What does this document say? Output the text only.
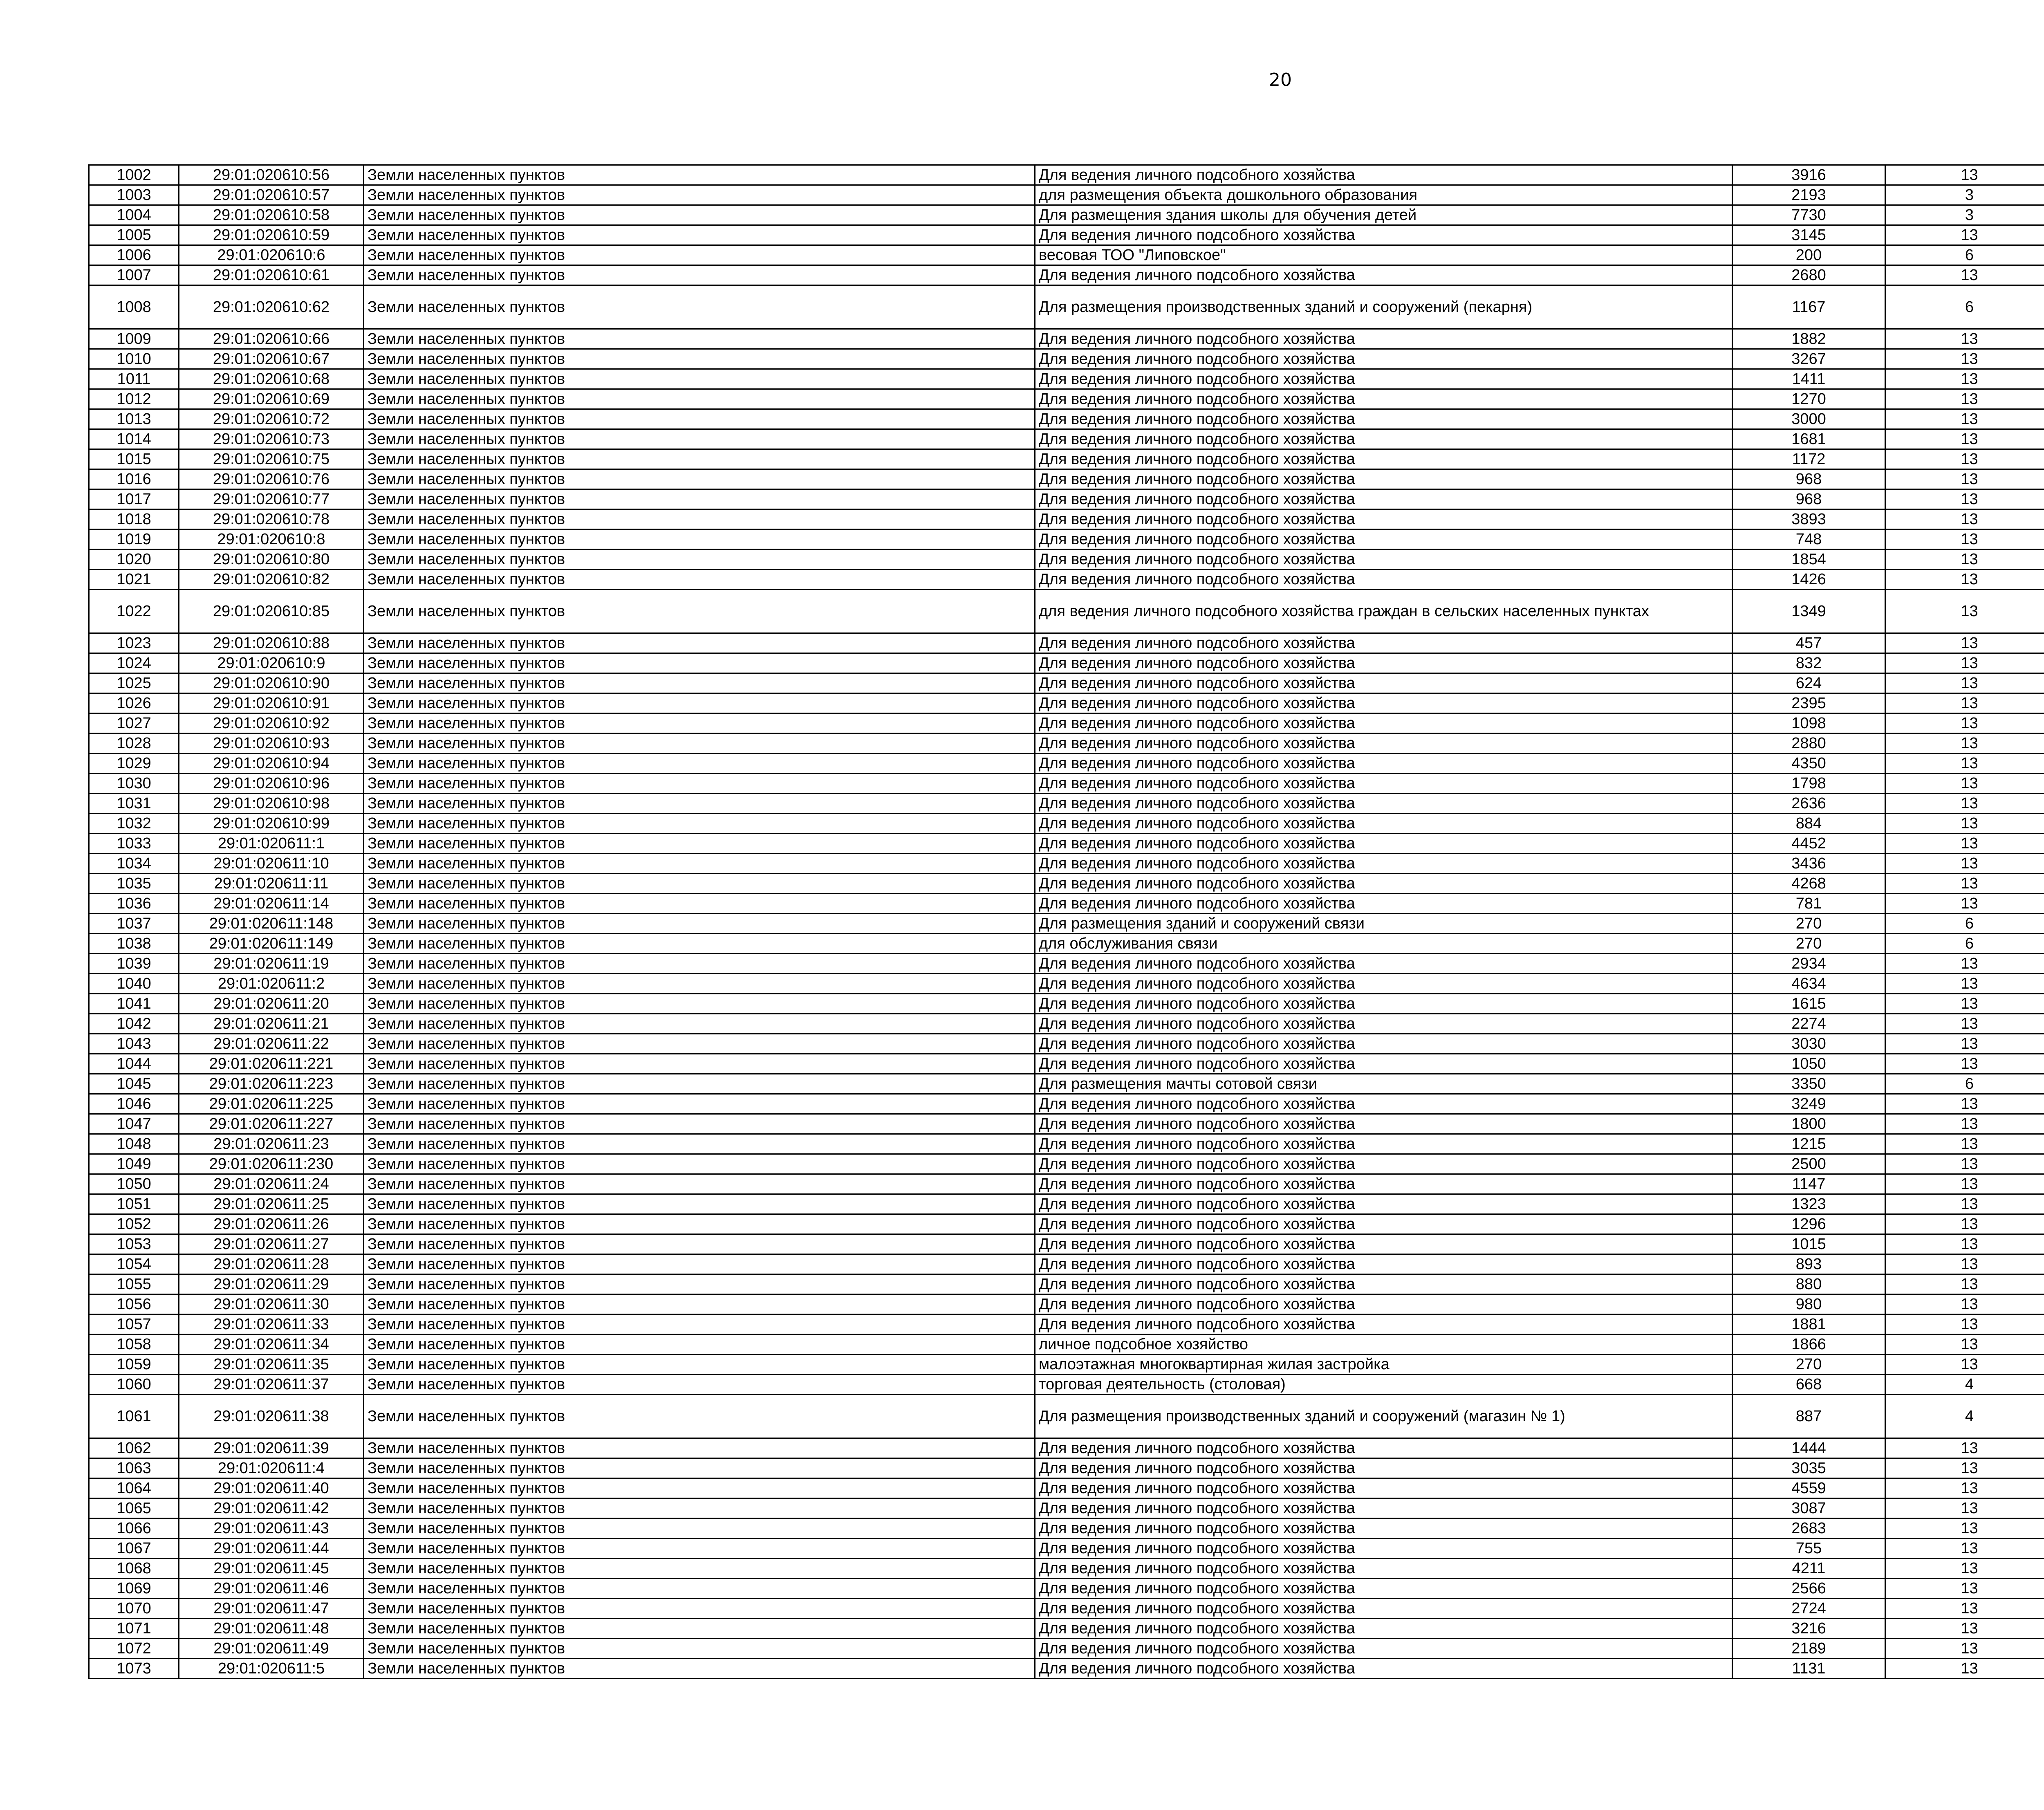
20
1002	29:01:020610:56	Земли населенных пунктов	Для ведения личного подсобного хозяйства	3916	13		
1003	29:01:020610:57	Земли населенных пунктов	для размещения объекта дошкольного образования	2193	3		
1004	29:01:020610:58	Земли населенных пунктов	Для размещения здания школы для обучения детей	7730	3		
1005	29:01:020610:59	Земли населенных пунктов	Для ведения личного подсобного хозяйства	3145	13		
1006	29:01:020610:6	Земли населенных пунктов	весовая ТОО "Липовское"	200	6		
1007	29:01:020610:61	Земли населенных пунктов	Для ведения личного подсобного хозяйства	2680	13		
1008	29:01:020610:62	Земли населенных пунктов	Для размещения производственных зданий и сооружений (пекарня)	1167	6		
1009	29:01:020610:66	Земли населенных пунктов	Для ведения личного подсобного хозяйства	1882	13		
1010	29:01:020610:67	Земли населенных пунктов	Для ведения личного подсобного хозяйства	3267	13		
1011	29:01:020610:68	Земли населенных пунктов	Для ведения личного подсобного хозяйства	1411	13		
1012	29:01:020610:69	Земли населенных пунктов	Для ведения личного подсобного хозяйства	1270	13		
1013	29:01:020610:72	Земли населенных пунктов	Для ведения личного подсобного хозяйства	3000	13		
1014	29:01:020610:73	Земли населенных пунктов	Для ведения личного подсобного хозяйства	1681	13		
1015	29:01:020610:75	Земли населенных пунктов	Для ведения личного подсобного хозяйства	1172	13		
1016	29:01:020610:76	Земли населенных пунктов	Для ведения личного подсобного хозяйства	968	13		
1017	29:01:020610:77	Земли населенных пунктов	Для ведения личного подсобного хозяйства	968	13		
1018	29:01:020610:78	Земли населенных пунктов	Для ведения личного подсобного хозяйства	3893	13		
1019	29:01:020610:8	Земли населенных пунктов	Для ведения личного подсобного хозяйства	748	13		
1020	29:01:020610:80	Земли населенных пунктов	Для ведения личного подсобного хозяйства	1854	13		
1021	29:01:020610:82	Земли населенных пунктов	Для ведения личного подсобного хозяйства	1426	13		
1022	29:01:020610:85	Земли населенных пунктов	для ведения личного подсобного хозяйства граждан в сельских населенных пунктах	1349	13		
1023	29:01:020610:88	Земли населенных пунктов	Для ведения личного подсобного хозяйства	457	13		
1024	29:01:020610:9	Земли населенных пунктов	Для ведения личного подсобного хозяйства	832	13		
1025	29:01:020610:90	Земли населенных пунктов	Для ведения личного подсобного хозяйства	624	13		
1026	29:01:020610:91	Земли населенных пунктов	Для ведения личного подсобного хозяйства	2395	13		
1027	29:01:020610:92	Земли населенных пунктов	Для ведения личного подсобного хозяйства	1098	13		
1028	29:01:020610:93	Земли населенных пунктов	Для ведения личного подсобного хозяйства	2880	13		
1029	29:01:020610:94	Земли населенных пунктов	Для ведения личного подсобного хозяйства	4350	13		
1030	29:01:020610:96	Земли населенных пунктов	Для ведения личного подсобного хозяйства	1798	13		
1031	29:01:020610:98	Земли населенных пунктов	Для ведения личного подсобного хозяйства	2636	13		
1032	29:01:020610:99	Земли населенных пунктов	Для ведения личного подсобного хозяйства	884	13		
1033	29:01:020611:1	Земли населенных пунктов	Для ведения личного подсобного хозяйства	4452	13		
1034	29:01:020611:10	Земли населенных пунктов	Для ведения личного подсобного хозяйства	3436	13		
1035	29:01:020611:11	Земли населенных пунктов	Для ведения личного подсобного хозяйства	4268	13		
1036	29:01:020611:14	Земли населенных пунктов	Для ведения личного подсобного хозяйства	781	13		
1037	29:01:020611:148	Земли населенных пунктов	Для размещения зданий и сооружений связи	270	6		
1038	29:01:020611:149	Земли населенных пунктов	для обслуживания связи	270	6		
1039	29:01:020611:19	Земли населенных пунктов	Для ведения личного подсобного хозяйства	2934	13		
1040	29:01:020611:2	Земли населенных пунктов	Для ведения личного подсобного хозяйства	4634	13		
1041	29:01:020611:20	Земли населенных пунктов	Для ведения личного подсобного хозяйства	1615	13		
1042	29:01:020611:21	Земли населенных пунктов	Для ведения личного подсобного хозяйства	2274	13		
1043	29:01:020611:22	Земли населенных пунктов	Для ведения личного подсобного хозяйства	3030	13		
1044	29:01:020611:221	Земли населенных пунктов	Для ведения личного подсобного хозяйства	1050	13		
1045	29:01:020611:223	Земли населенных пунктов	Для размещения мачты сотовой связи	3350	6		
1046	29:01:020611:225	Земли населенных пунктов	Для ведения личного подсобного хозяйства	3249	13		
1047	29:01:020611:227	Земли населенных пунктов	Для ведения личного подсобного хозяйства	1800	13		
1048	29:01:020611:23	Земли населенных пунктов	Для ведения личного подсобного хозяйства	1215	13		
1049	29:01:020611:230	Земли населенных пунктов	Для ведения личного подсобного хозяйства	2500	13		
1050	29:01:020611:24	Земли населенных пунктов	Для ведения личного подсобного хозяйства	1147	13		
1051	29:01:020611:25	Земли населенных пунктов	Для ведения личного подсобного хозяйства	1323	13		
1052	29:01:020611:26	Земли населенных пунктов	Для ведения личного подсобного хозяйства	1296	13		
1053	29:01:020611:27	Земли населенных пунктов	Для ведения личного подсобного хозяйства	1015	13		
1054	29:01:020611:28	Земли населенных пунктов	Для ведения личного подсобного хозяйства	893	13		
1055	29:01:020611:29	Земли населенных пунктов	Для ведения личного подсобного хозяйства	880	13		
1056	29:01:020611:30	Земли населенных пунктов	Для ведения личного подсобного хозяйства	980	13		
1057	29:01:020611:33	Земли населенных пунктов	Для ведения личного подсобного хозяйства	1881	13		
1058	29:01:020611:34	Земли населенных пунктов	личное подсобное хозяйство	1866	13		
1059	29:01:020611:35	Земли населенных пунктов	малоэтажная многоквартирная жилая застройка	270	13		
1060	29:01:020611:37	Земли населенных пунктов	торговая деятельность (столовая)	668	4		
1061	29:01:020611:38	Земли населенных пунктов	Для размещения производственных зданий и сооружений (магазин № 1)	887	4		
1062	29:01:020611:39	Земли населенных пунктов	Для ведения личного подсобного хозяйства	1444	13		
1063	29:01:020611:4	Земли населенных пунктов	Для ведения личного подсобного хозяйства	3035	13		
1064	29:01:020611:40	Земли населенных пунктов	Для ведения личного подсобного хозяйства	4559	13		
1065	29:01:020611:42	Земли населенных пунктов	Для ведения личного подсобного хозяйства	3087	13		
1066	29:01:020611:43	Земли населенных пунктов	Для ведения личного подсобного хозяйства	2683	13		
1067	29:01:020611:44	Земли населенных пунктов	Для ведения личного подсобного хозяйства	755	13		
1068	29:01:020611:45	Земли населенных пунктов	Для ведения личного подсобного хозяйства	4211	13		
1069	29:01:020611:46	Земли населенных пунктов	Для ведения личного подсобного хозяйства	2566	13		
1070	29:01:020611:47	Земли населенных пунктов	Для ведения личного подсобного хозяйства	2724	13		
1071	29:01:020611:48	Земли населенных пунктов	Для ведения личного подсобного хозяйства	3216	13		
1072	29:01:020611:49	Земли населенных пунктов	Для ведения личного подсобного хозяйства	2189	13		
1073	29:01:020611:5	Земли населенных пунктов	Для ведения личного подсобного хозяйства	1131	13		
